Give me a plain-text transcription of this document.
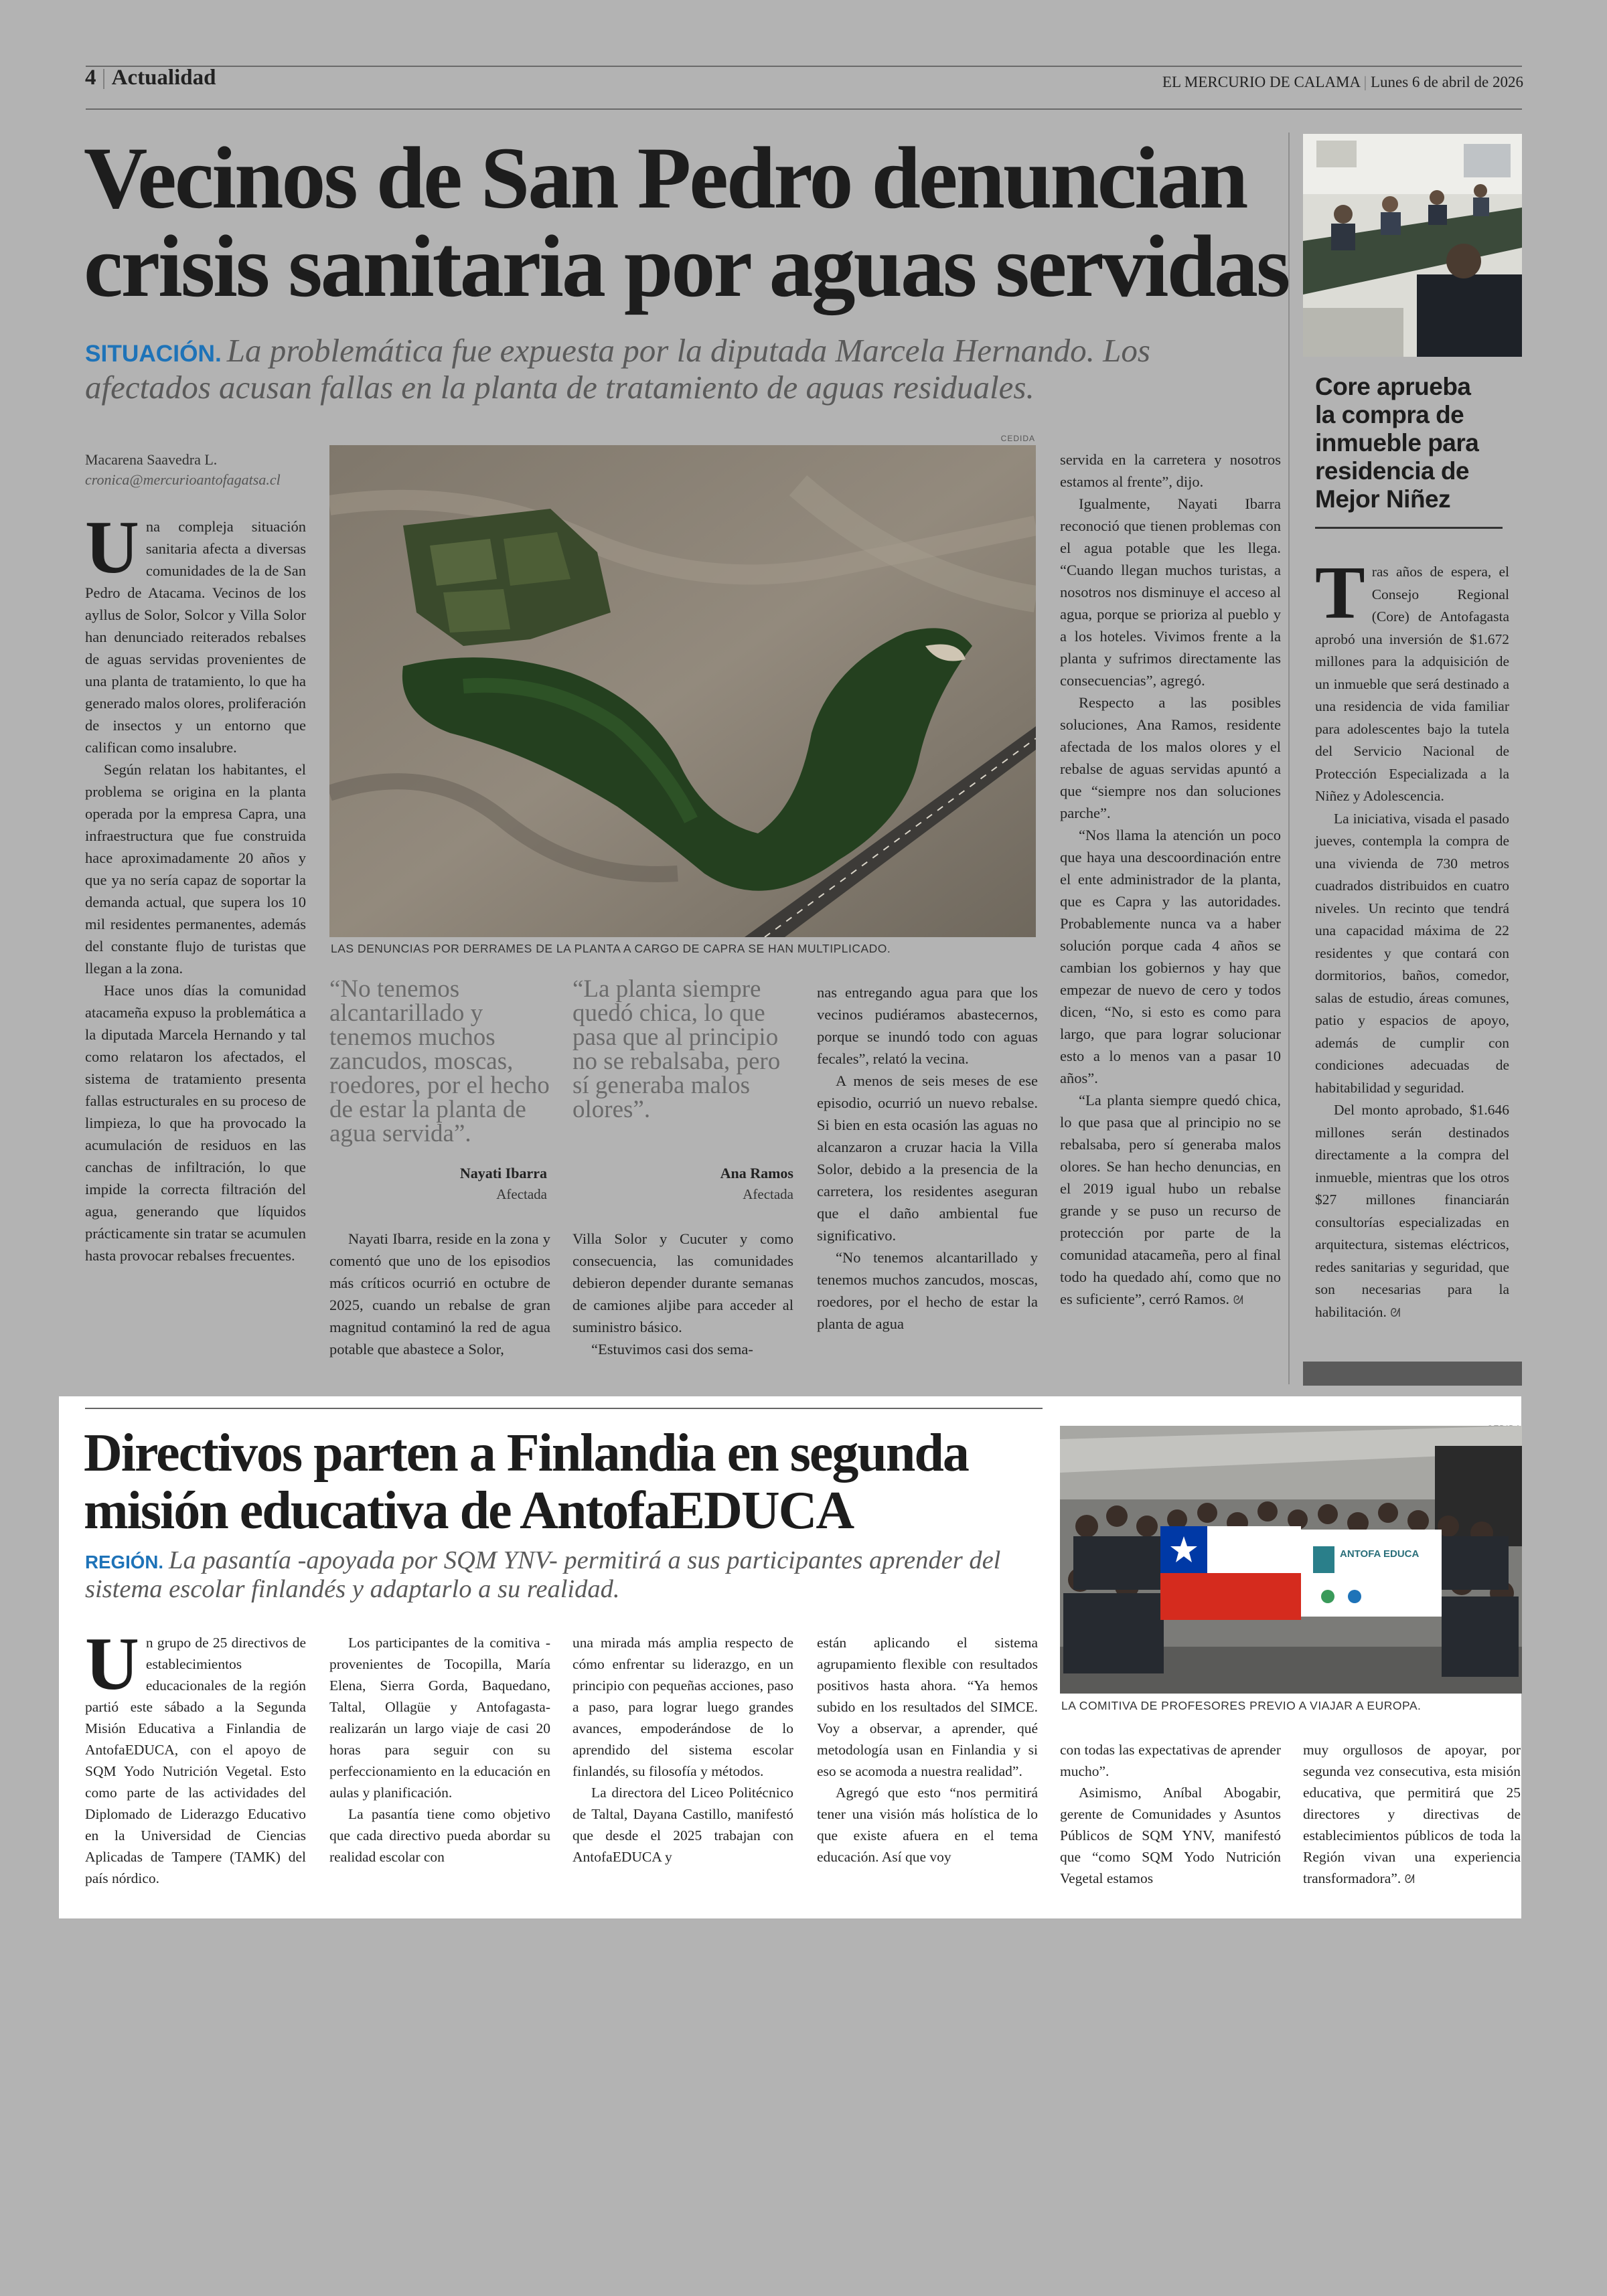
4 | Actualidad	EL MERCURIO DE CALAMA | Lunes 6 de abril de 2026
Vecinos de San Pedro denuncian crisis sanitaria por aguas servidas
SITUACIÓN. La problemática fue expuesta por la diputada Marcela Hernando. Los afectados acusan fallas en la planta de tratamiento de aguas residuales.
Macarena Saavedra L.
cronica@mercurioantofagatsa.cl

Una compleja situación sanitaria afecta a diversas comunidades de la de San Pedro de Atacama. Vecinos de los ayllus de Solor, Solcor y Villa Solor han denunciado reiterados rebalses de aguas servidas provenientes de una planta de tratamiento, lo que ha generado malos olores, proliferación de insectos y un entorno que califican como insalubre.

Según relatan los habitantes, el problema se origina en la planta operada por la empresa Capra, una infraestructura que fue construida hace aproximadamente 20 años y que ya no sería capaz de soportar la demanda actual, que supera los 10 mil residentes permanentes, además del constante flujo de turistas que llegan a la zona.

Hace unos días la comunidad atacameña expuso la problemática a la diputada Marcela Hernando y tal como relataron los afectados, el sistema de tratamiento presenta fallas estructurales en su proceso de limpieza, lo que ha provocado la acumulación de residuos en las canchas de infiltración, lo que impide la correcta filtración del agua, generando que líquidos prácticamente sin tratar se acumulen hasta provocar rebalses frecuentes.

CEDIDA
LAS DENUNCIAS POR DERRAMES DE LA PLANTA A CARGO DE CAPRA SE HAN MULTIPLICADO.
“No tenemos alcantarillado y tenemos muchos zancudos, moscas, roedores, por el hecho de estar la planta de agua servida”.
Nayati Ibarra
Afectada
“La planta siempre quedó chica, lo que pasa que al principio no se rebalsaba, pero sí generaba malos olores”.
Ana Ramos
Afectada

Nayati Ibarra, reside en la zona y comentó que uno de los episodios más críticos ocurrió en octubre de 2025, cuando un rebalse de gran magnitud contaminó la red de agua potable que abastece a Solor,

Villa Solor y Cucuter y como consecuencia, las comunidades debieron depender durante semanas de camiones aljibe para acceder al suministro básico.

“Estuvimos casi dos sema-

nas entregando agua para que los vecinos pudiéramos abastecernos, porque se inundó todo con aguas fecales”, relató la vecina.

A menos de seis meses de ese episodio, ocurrió un nuevo rebalse. Si bien en esta ocasión las aguas no alcanzaron a cruzar hacia la Villa Solor, debido a la presencia de la carretera, los residentes aseguran que el daño ambiental fue significativo.

“No tenemos alcantarillado y tenemos muchos zancudos, moscas, roedores, por el hecho de estar la planta de agua

servida en la carretera y nosotros estamos al frente”, dijo.

Igualmente, Nayati Ibarra reconoció que tienen problemas con el agua potable que les llega. “Cuando llegan muchos turistas, a nosotros nos disminuye el acceso al agua, porque se prioriza al pueblo y a los hoteles. Vivimos frente a la planta y sufrimos directamente las consecuencias”, agregó.

Respecto a las posibles soluciones, Ana Ramos, residente afectada de los malos olores y el rebalse de aguas servidas apuntó a que “siempre nos dan soluciones parche”.

“Nos llama la atención un poco que haya una descoordinación entre el ente administrador de la planta, que es Capra y las autoridades. Probablemente nunca va a haber solución porque cada 4 años se cambian los gobiernos y hay que empezar de nuevo de cero y todos dicen, “No, si esto es como para largo, que para lograr solucionar esto a lo menos van a pasar 10 años”.

“La planta siempre quedó chica, lo que pasa que al principio no se rebalsaba, pero sí generaba malos olores. Se han hecho denuncias, en el 2019 igual hubo un rebalse grande y se puso un recurso de protección por parte de la comunidad atacameña, pero al final todo ha quedado ahí, como que no es suficiente”, cerró Ramos. ᘛ

Core aprueba la compra de inmueble para residencia de Mejor Niñez

Tras años de espera, el Consejo Regional (Core) de Antofagasta aprobó una inversión de $1.672 millones para la adquisición de un inmueble que será destinado a una residencia de vida familiar para adolescentes bajo la tutela del Servicio Nacional de Protección Especializada a la Niñez y Adolescencia.

La iniciativa, visada el pasado jueves, contempla la compra de una vivienda de 730 metros cuadrados distribuidos en cuatro niveles. Un recinto que tendrá una capacidad máxima de 22 residentes y que contará con dormitorios, baños, comedor, salas de estudio, áreas comunes, patio y espacios de apoyo, además de cumplir con condiciones adecuadas de habitabilidad y seguridad.

Del monto aprobado, $1.646 millones serán destinados directamente a la compra del inmueble, mientras que los otros $27 millones financiarán consultorías especializadas en arquitectura, sistemas eléctricos, redes sanitarias y seguridad, que son necesarias para la habilitación. ᘛ

Directivos parten a Finlandia en segunda misión educativa de AntofaEDUCA
REGIÓN. La pasantía -apoyada por SQM YNV- permitirá a sus participantes aprender del sistema escolar finlandés y adaptarlo a su realidad.
ANTOFA EDUCA
LA COMITIVA DE PROFESORES PREVIO A VIAJAR A EUROPA.

Un grupo de 25 directivos de establecimientos educacionales de la región partió este sábado a la Segunda Misión Educativa a Finlandia de AntofaEDUCA, con el apoyo de SQM Yodo Nutrición Vegetal. Esto como parte de las actividades del Diplomado de Liderazgo Educativo en la Universidad de Ciencias Aplicadas de Tampere (TAMK) del país nórdico.

Los participantes de la comitiva - provenientes de Tocopilla, María Elena, Sierra Gorda, Baquedano, Taltal, Ollagüe y Antofagasta-realizarán un largo viaje de casi 20 horas para seguir con su perfeccionamiento en la educación en aulas y planificación.

La pasantía tiene como objetivo que cada directivo pueda abordar su realidad escolar con

una mirada más amplia respecto de cómo enfrentar su liderazgo, en un principio con pequeñas acciones, paso a paso, para lograr luego grandes avances, empoderándose de lo aprendido del sistema escolar finlandés, su filosofía y métodos.

La directora del Liceo Politécnico de Taltal, Dayana Castillo, manifestó que desde el 2025 trabajan con AntofaEDUCA y

están aplicando el sistema agrupamiento flexible con resultados positivos hasta ahora. “Ya hemos subido en los resultados del SIMCE. Voy a observar, a aprender, qué metodología usan en Finlandia y si eso se acomoda a nuestra realidad”.

Agregó que esto “nos permitirá tener una visión más holística de lo que existe afuera en el tema educación. Así que voy

con todas las expectativas de aprender mucho”.

Asimismo, Aníbal Abogabir, gerente de Comunidades y Asuntos Públicos de SQM YNV, manifestó que “como SQM Yodo Nutrición Vegetal estamos

muy orgullosos de apoyar, por segunda vez consecutiva, esta misión educativa, que permitirá que 25 directores y directivas de establecimientos públicos de toda la Región vivan una experiencia transformadora”. ᘛ
